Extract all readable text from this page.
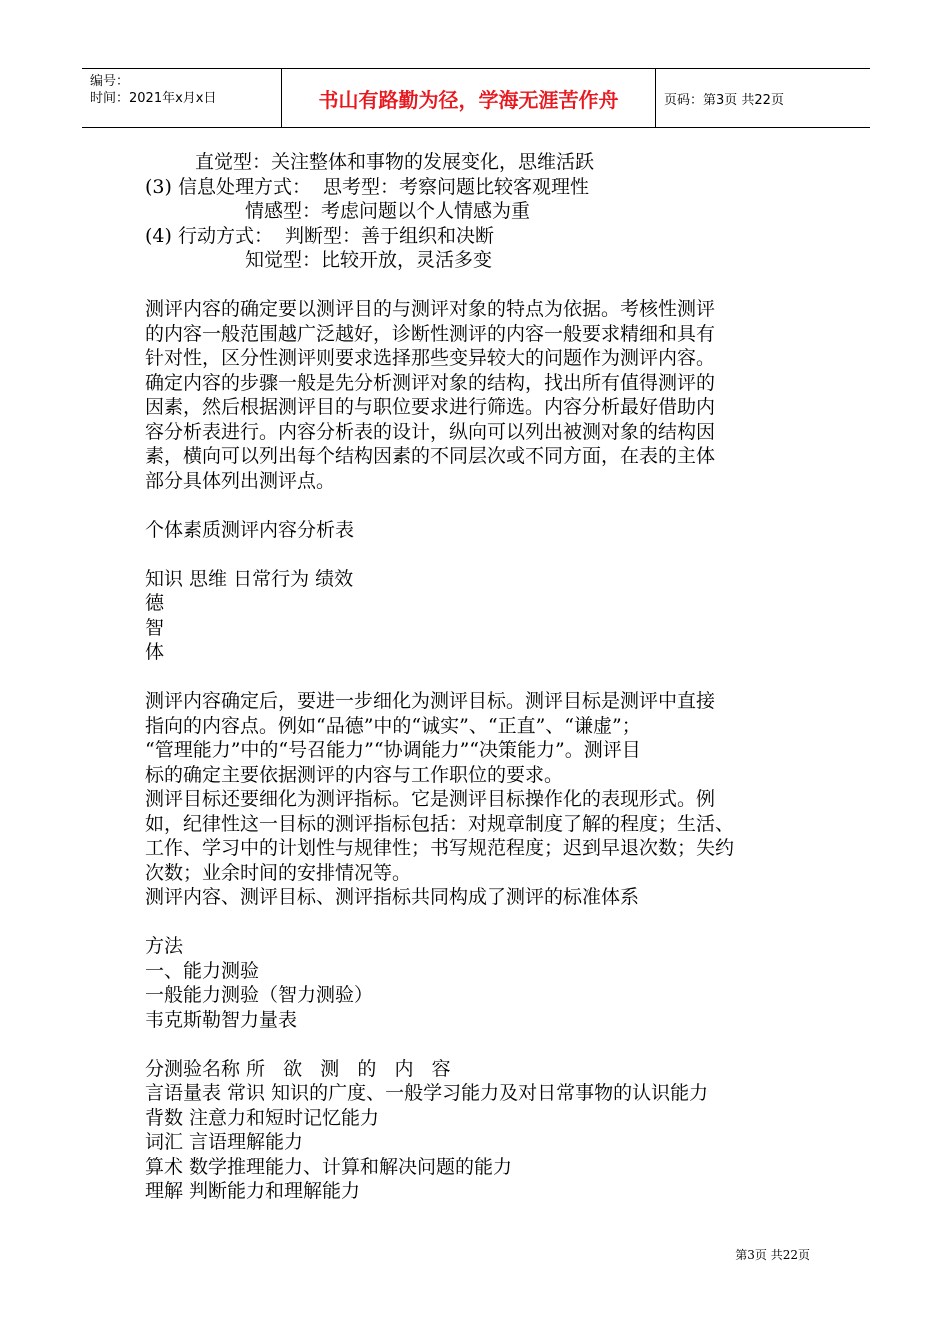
编号：
时间：2021年x月x日	书山有路勤为径，学海无涯苦作舟	页码：第3页 共22页

直觉型：关注整体和事物的发展变化，思维活跃

(3) 信息处理方式：  思考型：考察问题比较客观理性

情感型：考虑问题以个人情感为重

(4) 行动方式：  判断型：善于组织和决断

知觉型：比较开放，灵活多变

测评内容的确定要以测评目的与测评对象的特点为依据。考核性测评

的内容一般范围越广泛越好，诊断性测评的内容一般要求精细和具有

针对性，区分性测评则要求选择那些变异较大的问题作为测评内容。

确定内容的步骤一般是先分析测评对象的结构，找出所有值得测评的

因素，然后根据测评目的与职位要求进行筛选。内容分析最好借助内

容分析表进行。内容分析表的设计，纵向可以列出被测对象的结构因

素，横向可以列出每个结构因素的不同层次或不同方面，在表的主体

部分具体列出测评点。

个体素质测评内容分析表

知识 思维 日常行为 绩效

德

智

体

测评内容确定后，要进一步细化为测评目标。测评目标是测评中直接

指向的内容点。例如“品德”中的“诚实”、“正直”、“谦虚”；

“管理能力”中的“号召能力”“协调能力”“决策能力”。测评目

标的确定主要依据测评的内容与工作职位的要求。

测评目标还要细化为测评指标。它是测评目标操作化的表现形式。例

如，纪律性这一目标的测评指标包括：对规章制度了解的程度；生活、

工作、学习中的计划性与规律性；书写规范程度；迟到早退次数；失约

次数；业余时间的安排情况等。

测评内容、测评目标、测评指标共同构成了测评的标准体系

方法

一、能力测验

一般能力测验（智力测验）

韦克斯勒智力量表

分测验名称 所   欲   测   的   内   容

言语量表 常识 知识的广度、一般学习能力及对日常事物的认识能力

背数 注意力和短时记忆能力

词汇 言语理解能力

算术 数学推理能力、计算和解决问题的能力

理解 判断能力和理解能力

第3页 共22页
